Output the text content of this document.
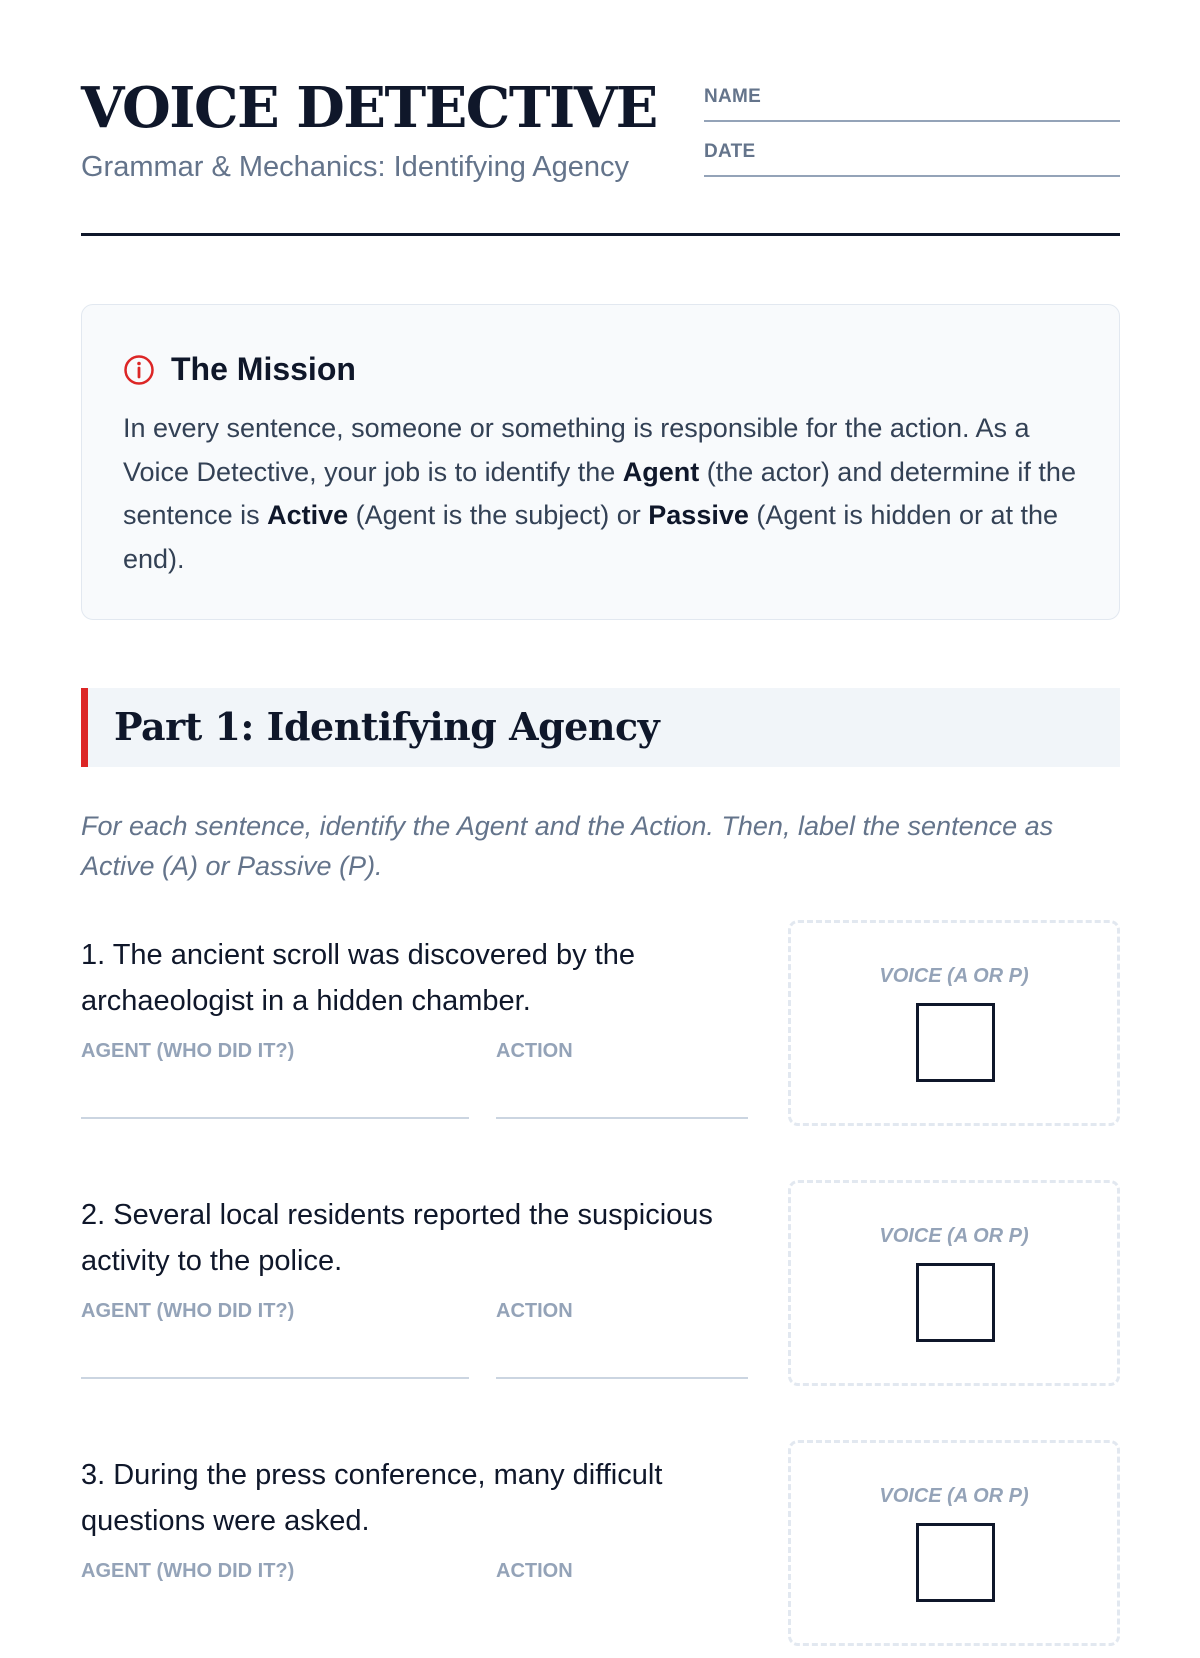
VOICE DETECTIVE
Grammar & Mechanics: Identifying Agency
NAME
DATE
The Mission
In every sentence, someone or something is responsible for the action. As a Voice Detective, your job is to identify the Agent (the actor) and determine if the sentence is Active (Agent is the subject) or Passive (Agent is hidden or at the end).
Part 1: Identifying Agency
For each sentence, identify the Agent and the Action. Then, label the sentence as Active (A) or Passive (P).
1. The ancient scroll was discovered by the archaeologist in a hidden chamber.
AGENT (WHO DID IT?)	ACTION
VOICE (A OR P)
2. Several local residents reported the suspicious activity to the police.
AGENT (WHO DID IT?)	ACTION
VOICE (A OR P)
3. During the press conference, many difficult questions were asked.
AGENT (WHO DID IT?)	ACTION
VOICE (A OR P)
